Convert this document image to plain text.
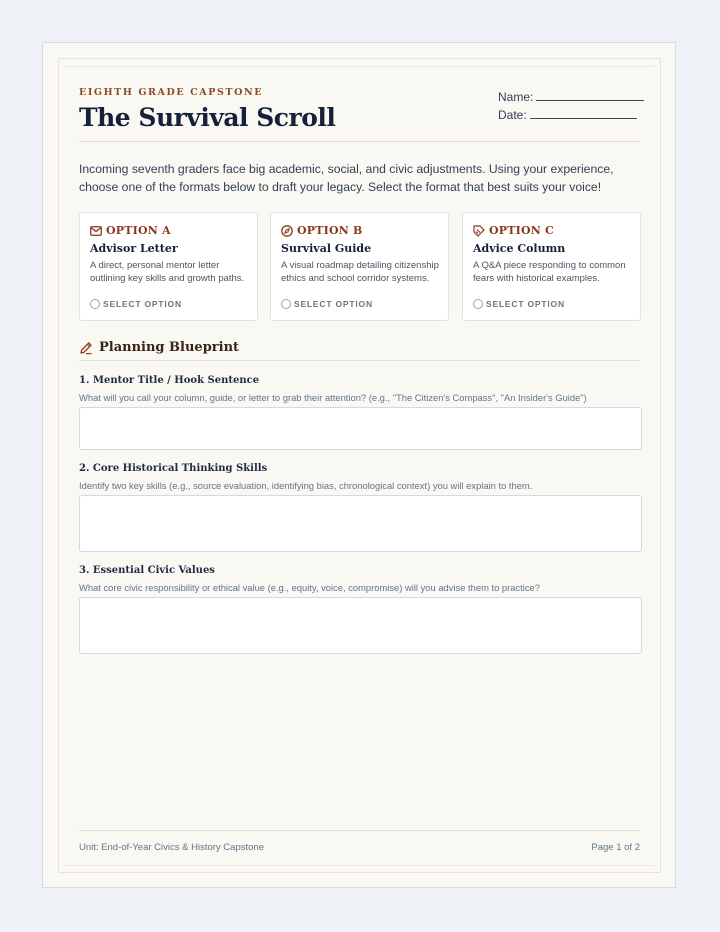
EIGHTH GRADE CAPSTONE
The Survival Scroll
Name:
Date:
Incoming seventh graders face big academic, social, and civic adjustments. Using your experience, choose one of the formats below to draft your legacy. Select the format that best suits your voice!
OPTION A
Advisor Letter
A direct, personal mentor letter outlining key skills and growth paths.
SELECT OPTION
OPTION B
Survival Guide
A visual roadmap detailing citizenship ethics and school corridor systems.
SELECT OPTION
OPTION C
Advice Column
A Q&A piece responding to common fears with historical examples.
SELECT OPTION
Planning Blueprint
1. Mentor Title / Hook Sentence
What will you call your column, guide, or letter to grab their attention? (e.g., "The Citizen's Compass", "An Insider's Guide")
2. Core Historical Thinking Skills
Identify two key skills (e.g., source evaluation, identifying bias, chronological context) you will explain to them.
3. Essential Civic Values
What core civic responsibility or ethical value (e.g., equity, voice, compromise) will you advise them to practice?
Unit: End-of-Year Civics & History Capstone	Page 1 of 2
